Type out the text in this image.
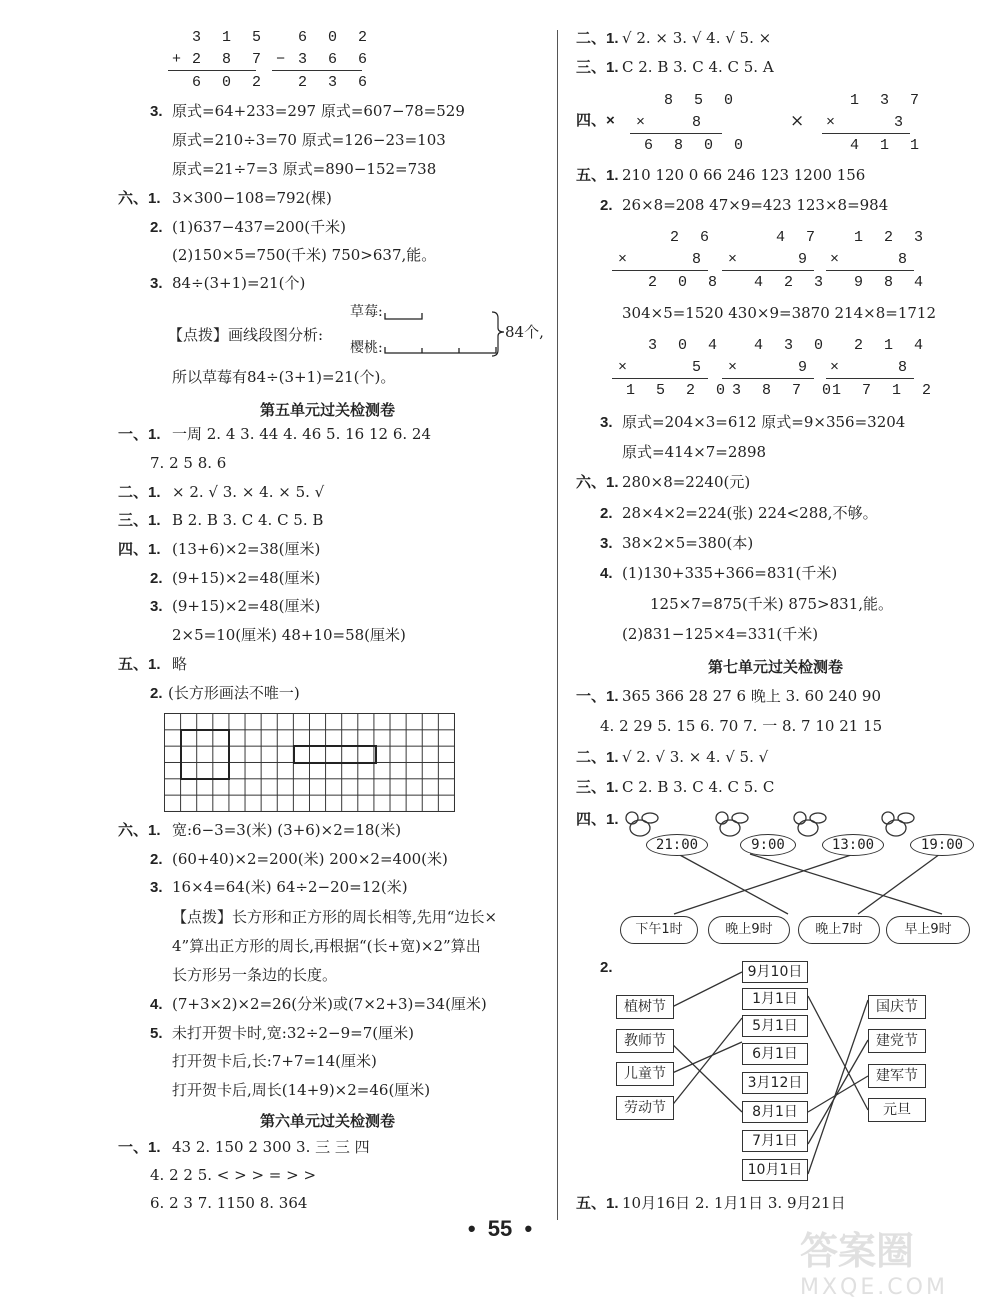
3 1 5
+ 2 8 7
6 0 2
6 0 2
− 3 6 6
2 3 6
3. 原式=64+233=297 原式=607−78=529
原式=210÷3=70 原式=126−23=103
原式=21÷7=3 原式=890−152=738
六、1. 3×300−108=792(棵)
2. (1)637−437=200(千米)
(2)150×5=750(千米) 750>637,能。
3. 84÷(3+1)=21(个)
草莓:
樱桃:
84个,
【点拨】画线段图分析:
所以草莓有84÷(3+1)=21(个)。
第五单元过关检测卷
一、1. 一周 2. 4 3. 44 4. 46 5. 16 12 6. 24
7. 2 5 8. 6
二、1. × 2. √ 3. × 4. × 5. √
三、1. B 2. B 3. C 4. C 5. B
四、1. (13+6)×2=38(厘米)
2. (9+15)×2=48(厘米)
3. (9+15)×2=48(厘米)
2×5=10(厘米) 48+10=58(厘米)
五、1. 略
2. (长方形画法不唯一)
六、1. 宽:6−3=3(米) (3+6)×2=18(米)
2. (60+40)×2=200(米) 200×2=400(米)
3. 16×4=64(米) 64÷2−20=12(米)
【点拨】长方形和正方形的周长相等,先用“边长×
4”算出正方形的周长,再根据“(长+宽)×2”算出
长方形另一条边的长度。
4. (7+3×2)×2=26(分米)或(7×2+3)=34(厘米)
5. 未打开贺卡时,宽:32÷2−9=7(厘米)
打开贺卡后,长:7+7=14(厘米)
打开贺卡后,周长(14+9)×2=46(厘米)
第六单元过关检测卷
一、1. 43 2. 150 2 300 3. 三 三 四
4. 2 2 5. < > > = > >
6. 2 3 7. 1150 8. 364
二、1. √ 2. × 3. √ 4. √ 5. ×
三、1. C 2. B 3. C 4. C 5. A
四、×
8 5 0
×	8
6 8 0 0
×
1 3 7
×	3
4 1 1
五、1. 210 120 0 66 246 123 1200 156
2. 26×8=208 47×9=423 123×8=984
2 6
×	8
2 0 8
4 7
×	9
4 2 3
1 2 3
×	8
9 8 4
304×5=1520 430×9=3870 214×8=1712
3 0 4
×	5
1 5 2 0
4 3 0
×	9
3 8 7 0
2 1 4
×	8
1 7 1 2
3. 原式=204×3=612 原式=9×356=3204
原式=414×7=2898
六、1. 280×8=2240(元)
2. 28×4×2=224(张) 224<288,不够。
3. 38×2×5=380(本)
4. (1)130+335+366=831(千米)
125×7=875(千米) 875>831,能。
(2)831−125×4=331(千米)
第七单元过关检测卷
一、1. 365 366 28 27 6 晚上 3. 60 240 90
4. 2 29 5. 15 6. 70 7. 一 8. 7 10 21 15
二、1. √ 2. √ 3. × 4. √ 5. √
三、1. C 2. B 3. C 4. C 5. C
四、1.
21:00	9:00	13:00	19:00
下午1时	晚上9时	晚上7时	早上9时
2.
植树节
教师节
儿童节
劳动节
9月10日
1月1日
5月1日
6月1日
3月12日
8月1日
7月1日
10月1日
国庆节
建党节
建军节
元旦
五、1. 10月16日 2. 1月1日 3. 9月21日
•  55  •
答案圈
MXQE.COM
